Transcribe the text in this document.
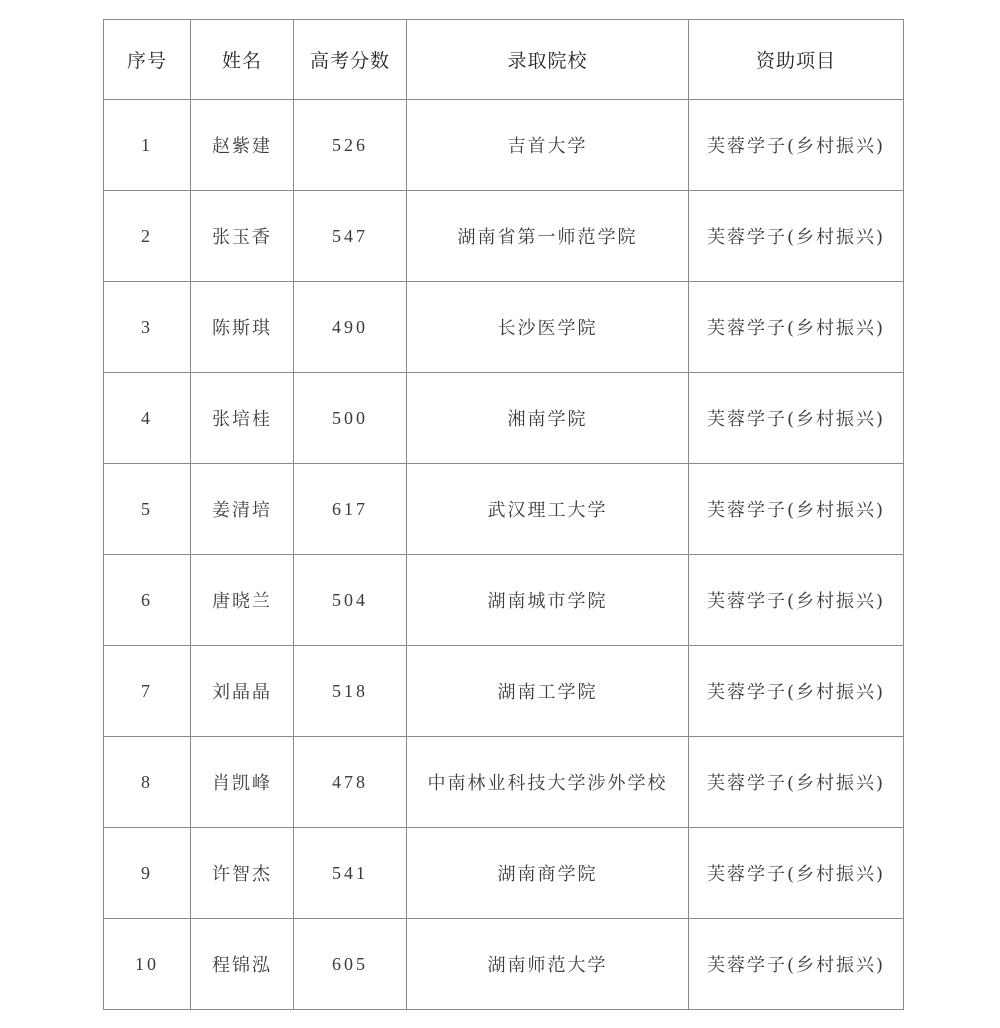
序号	姓名	高考分数	录取院校	资助项目
1	赵紫建	526	吉首大学	芙蓉学子(乡村振兴)
2	张玉香	547	湖南省第一师范学院	芙蓉学子(乡村振兴)
3	陈斯琪	490	长沙医学院	芙蓉学子(乡村振兴)
4	张培桂	500	湘南学院	芙蓉学子(乡村振兴)
5	姜清培	617	武汉理工大学	芙蓉学子(乡村振兴)
6	唐晓兰	504	湖南城市学院	芙蓉学子(乡村振兴)
7	刘晶晶	518	湖南工学院	芙蓉学子(乡村振兴)
8	肖凯峰	478	中南林业科技大学涉外学校	芙蓉学子(乡村振兴)
9	许智杰	541	湖南商学院	芙蓉学子(乡村振兴)
10	程锦泓	605	湖南师范大学	芙蓉学子(乡村振兴)
